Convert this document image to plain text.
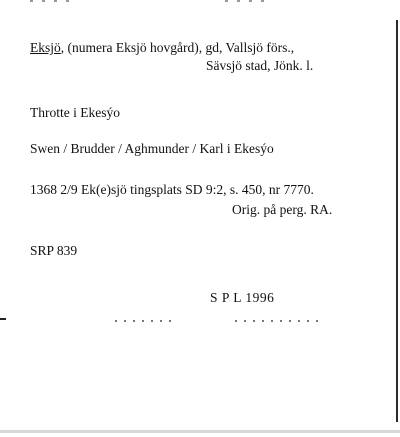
Eksjö, (numera Eksjö hovgård), gd, Vallsjö förs.,
Sävsjö stad, Jönk. l.
Throtte i Ekesýo
Swen / Brudder / Aghmunder / Karl i Ekesýo
1368 2/9 Ek(e)sjö tingsplats SD 9:2, s. 450, nr 7770.
Orig. på perg. RA.
SRP 839
S P L 1996
